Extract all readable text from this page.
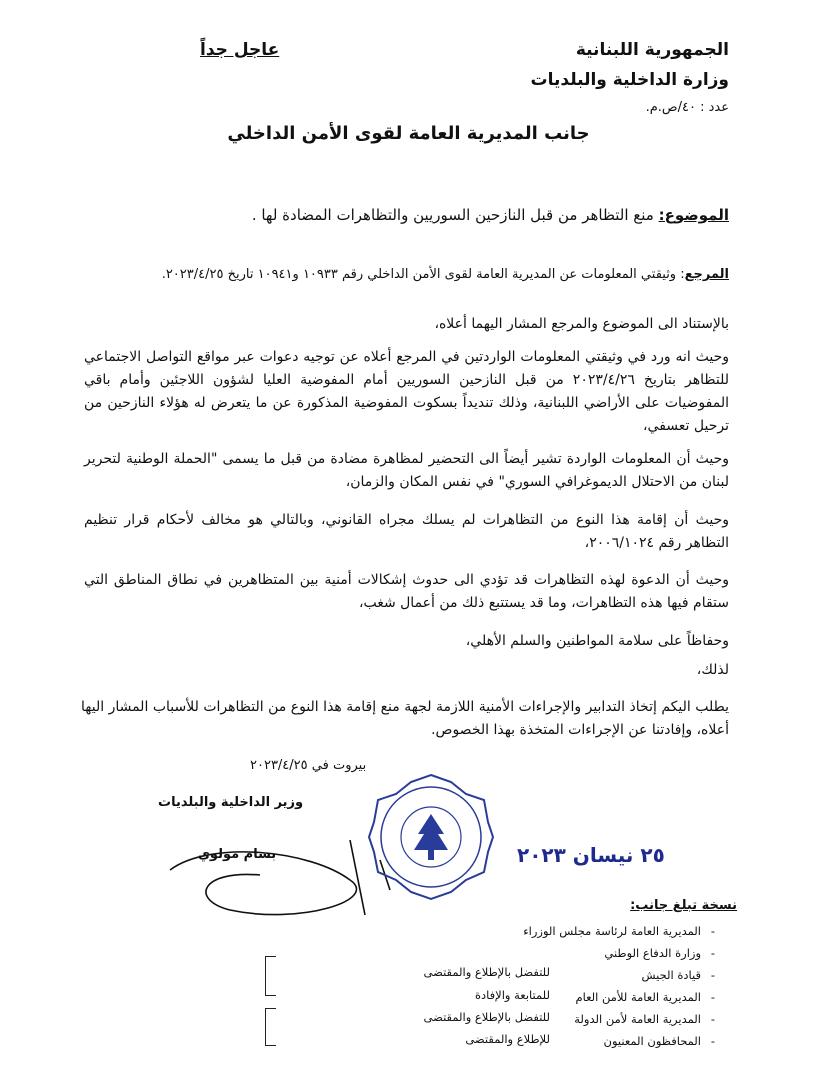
الجمهورية اللبنانية
وزارة الداخلية والبلديات
عدد : ٤٠/ص.م.
عاجل جداً
جانب المديرية العامة لقوى الأمن الداخلي
الموضوع: منع التظاهر من قبل النازحين السوريين والتظاهرات المضادة لها .
المرجع: وثيقتي المعلومات عن المديرية العامة لقوى الأمن الداخلي رقم ١٠٩٣٣ و١٠٩٤١ تاريخ ٢٠٢٣/٤/٢٥.
بالإستناد الى الموضوع والمرجع المشار اليهما أعلاه،
وحيث انه ورد في وثيقتي المعلومات الواردتين في المرجع أعلاه عن توجيه دعوات عبر مواقع التواصل الاجتماعي للتظاهر بتاريخ ٢٠٢٣/٤/٢٦ من قبل النازحين السوريين أمام المفوضية العليا لشؤون اللاجئين وأمام باقي المفوضيات على الأراضي اللبنانية، وذلك تنديداً بسكوت المفوضية المذكورة عن ما يتعرض له هؤلاء النازحين من ترحيل تعسفي،
وحيث أن المعلومات الواردة تشير أيضاً الى التحضير لمظاهرة مضادة من قبل ما يسمى "الحملة الوطنية لتحرير لبنان من الاحتلال الديموغرافي السوري" في نفس المكان والزمان،
وحيث أن إقامة هذا النوع من التظاهرات لم يسلك مجراه القانوني، وبالتالي هو مخالف لأحكام قرار تنظيم التظاهر رقم ٢٠٠٦/١٠٢٤،
وحيث أن الدعوة لهذه التظاهرات قد تؤدي الى حدوث إشكالات أمنية بين المتظاهرين في نطاق المناطق التي ستقام فيها هذه التظاهرات، وما قد يستتبع ذلك من أعمال شغب،
وحفاظاً على سلامة المواطنين والسلم الأهلي،
لذلك،
يطلب اليكم إتخاذ التدابير والإجراءات الأمنية اللازمة لجهة منع إقامة هذا النوع من التظاهرات للأسباب المشار اليها أعلاه، وإفادتنا عن الإجراءات المتخذة بهذا الخصوص.
بيروت في ٢٠٢٣/٤/٢٥
وزير الداخلية والبلديات
بسام مولوي	٢٥ نيسان ٢٠٢٣
نسخة تبلغ جانب:
-
المديرية العامة لرئاسة مجلس الوزراء
-
وزارة الدفاع الوطني
-
قيادة الجيش
-
المديرية العامة للأمن العام
-
المديرية العامة لأمن الدولة
-
المحافظون المعنيون
للتفضل بالإطلاع والمقتضى
للمتابعة والإفادة
للتفضل بالإطلاع والمقتضى
للإطلاع والمقتضى
